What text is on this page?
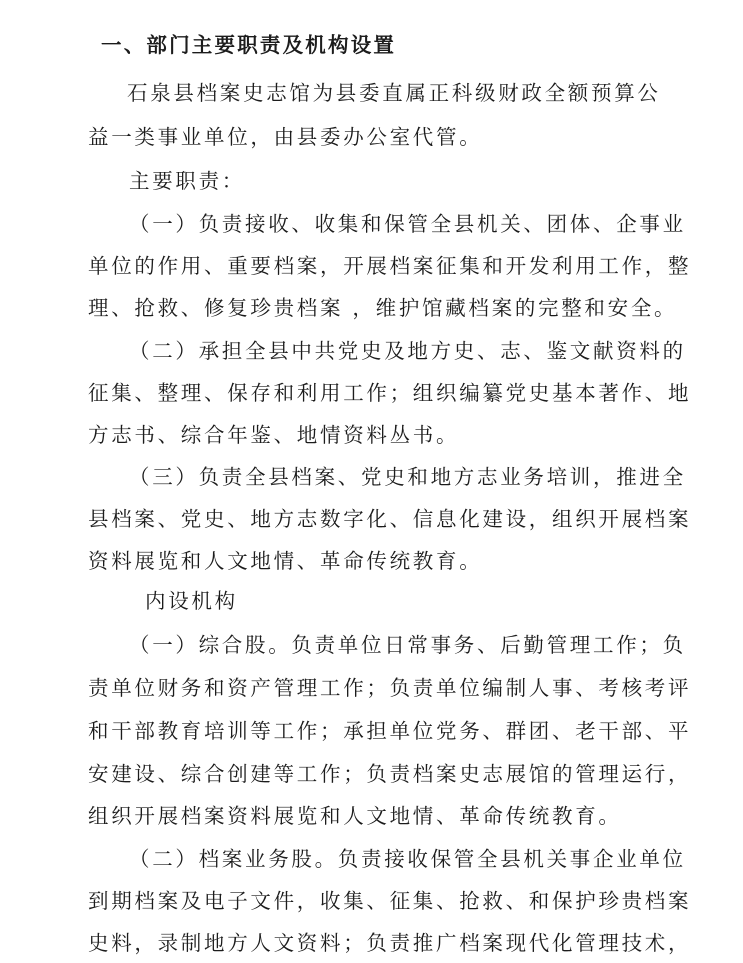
一、部门主要职责及机构设置
石泉县档案史志馆为县委直属正科级财政全额预算公
益一类事业单位，由县委办公室代管。
主要职责：
（一）负责接收、收集和保管全县机关、团体、企事业
单位的作用、重要档案，开展档案征集和开发利用工作，整
理、抢救、修复珍贵档案 ，维护馆藏档案的完整和安全。
（二）承担全县中共党史及地方史、志、鉴文献资料的
征集、整理、保存和利用工作；组织编纂党史基本著作、地
方志书、综合年鉴、地情资料丛书。
（三）负责全县档案、党史和地方志业务培训，推进全
县档案、党史、地方志数字化、信息化建设，组织开展档案
资料展览和人文地情、革命传统教育。
内设机构
（一）综合股。负责单位日常事务、后勤管理工作；负
责单位财务和资产管理工作；负责单位编制人事、考核考评
和干部教育培训等工作；承担单位党务、群团、老干部、平
安建设、综合创建等工作；负责档案史志展馆的管理运行，
组织开展档案资料展览和人文地情、革命传统教育。
（二）档案业务股。负责接收保管全县机关事企业单位
到期档案及电子文件，收集、征集、抢救、和保护珍贵档案
史料，录制地方人文资料；负责推广档案现代化管理技术，
